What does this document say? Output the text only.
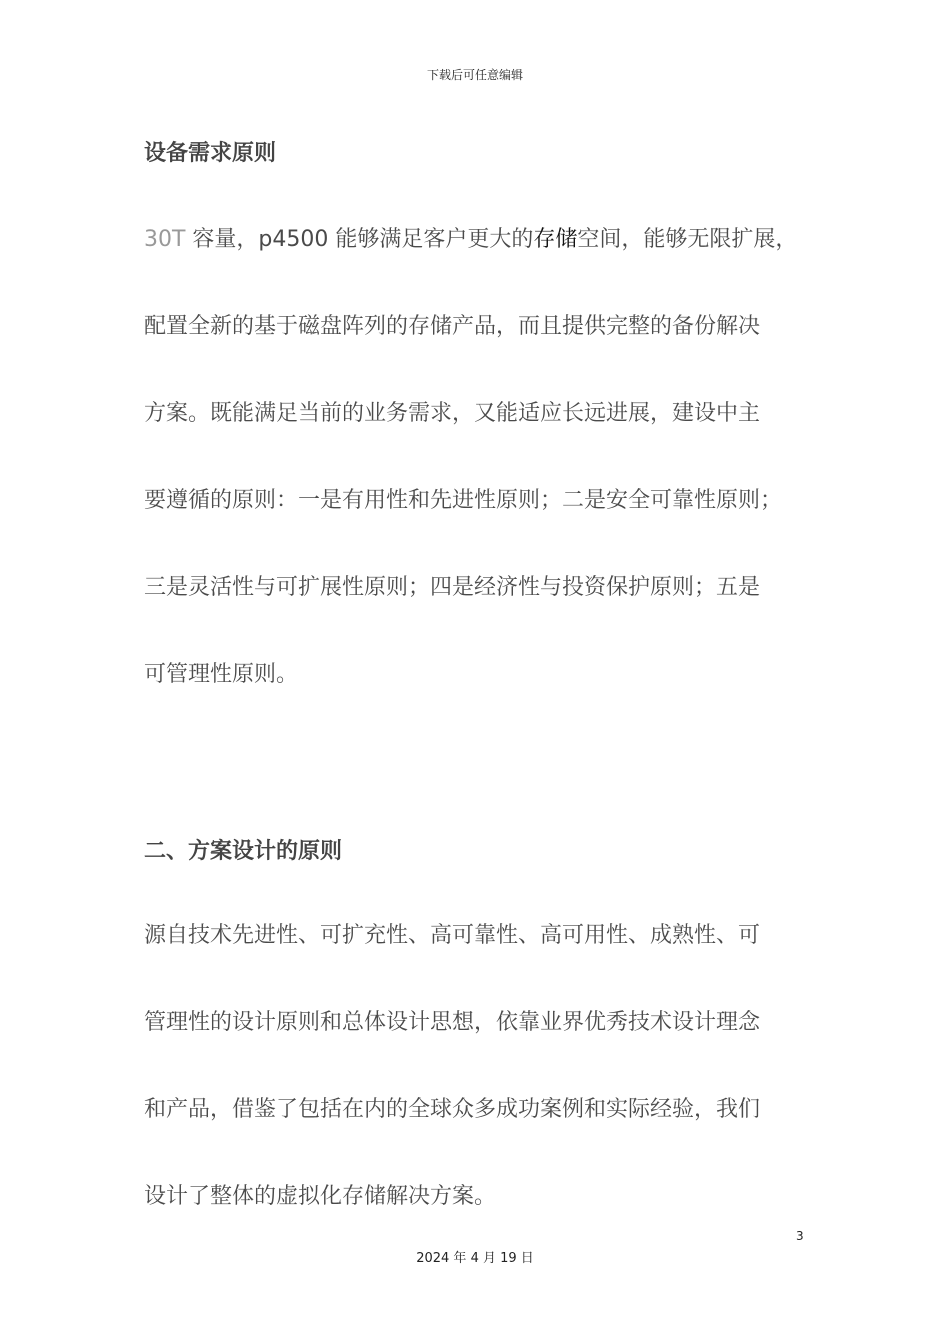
下载后可任意编辑
设备需求原则
30T 容量，p4500 能够满足客户更大的存储空间，能够无限扩展，
配置全新的基于磁盘阵列的存储产品，而且提供完整的备份解决
方案。既能满足当前的业务需求，又能适应长远进展，建设中主
要遵循的原则：一是有用性和先进性原则；二是安全可靠性原则；
三是灵活性与可扩展性原则；四是经济性与投资保护原则；五是
可管理性原则。
二、方案设计的原则
源自技术先进性、可扩充性、高可靠性、高可用性、成熟性、可
管理性的设计原则和总体设计思想，依靠业界优秀技术设计理念
和产品，借鉴了包括在内的全球众多成功案例和实际经验，我们
设计了整体的虚拟化存储解决方案。
3
2024 年 4 月 19 日
